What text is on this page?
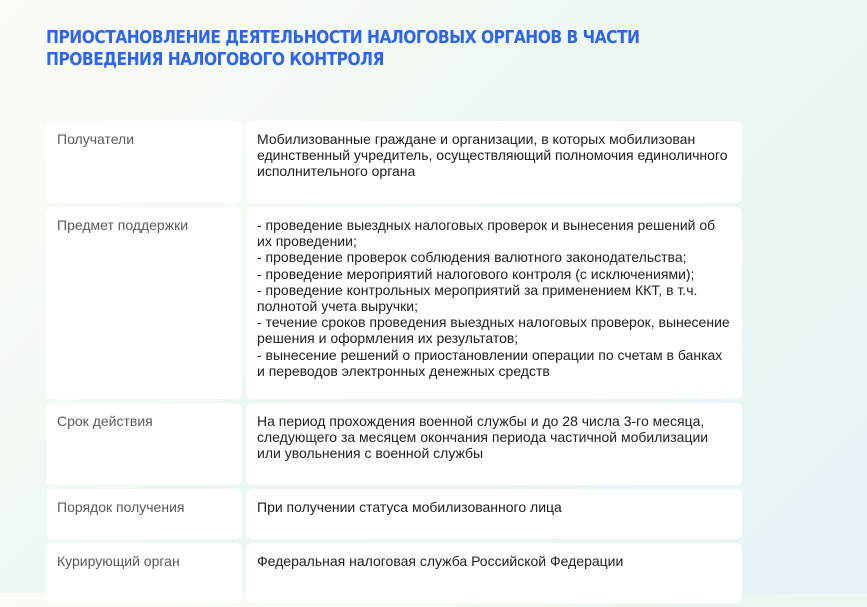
ПРИОСТАНОВЛЕНИЕ ДЕЯТЕЛЬНОСТИ НАЛОГОВЫХ ОРГАНОВ В ЧАСТИ ПРОВЕДЕНИЯ НАЛОГОВОГО КОНТРОЛЯ
Получатели	Мобилизованные граждане и организации, в которых мобилизован единственный учредитель, осуществляющий полномочия единоличного исполнительного органа
Предмет поддержки	- проведение выездных налоговых проверок и вынесения решений об их проведении;
- проведение проверок соблюдения валютного законодательства;
- проведение мероприятий налогового контроля (с исключениями);
- проведение контрольных мероприятий за применением ККТ, в т.ч. полнотой учета выручки;
- течение сроков проведения выездных налоговых проверок, вынесение решения и оформления их результатов;
- вынесение решений о приостановлении операции по счетам в банках и переводов электронных денежных средств
Срок действия	На период прохождения военной службы и до 28 числа 3-го месяца, следующего за месяцем окончания периода частичной мобилизации или увольнения с военной службы
Порядок получения	При получении статуса мобилизованного лица
Курирующий орган	Федеральная налоговая служба Российской Федерации
